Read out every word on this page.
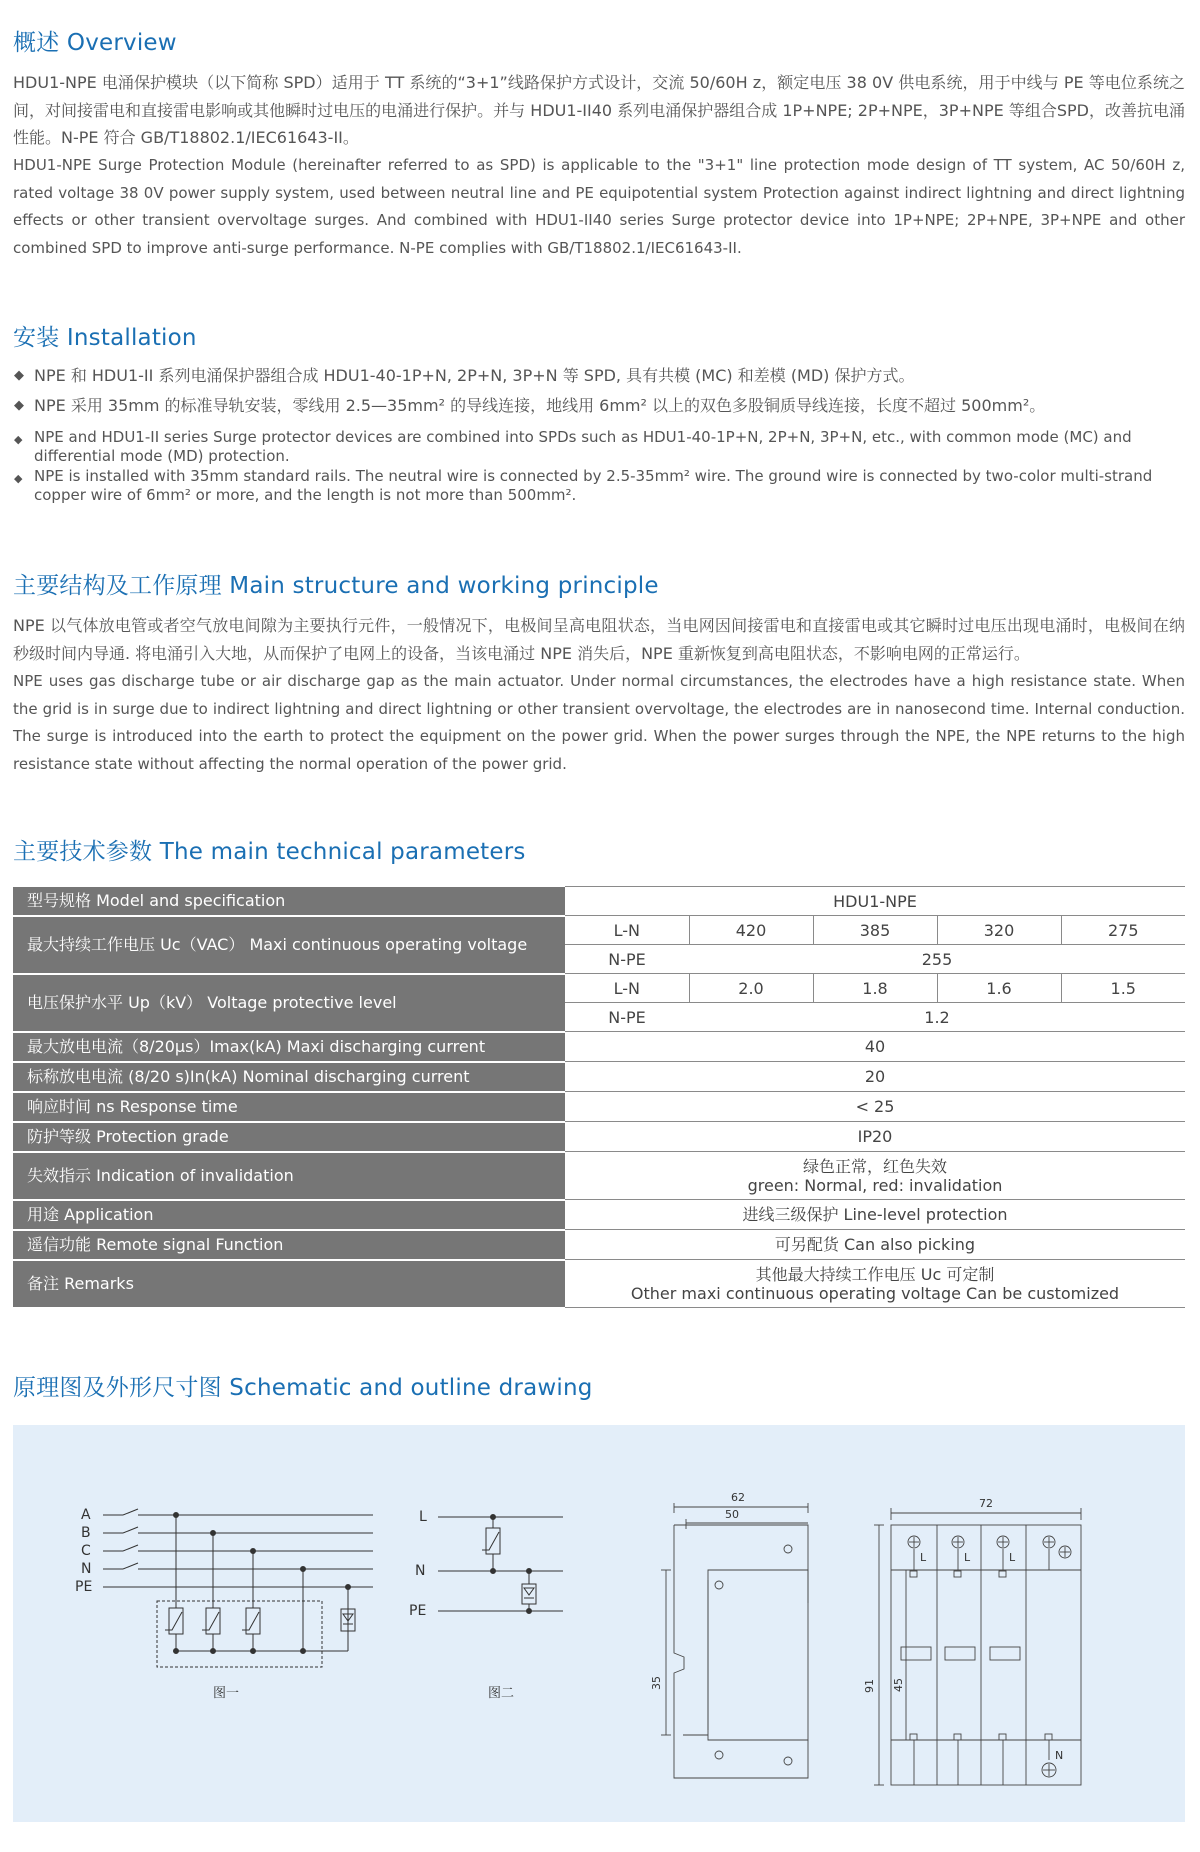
概述 Overview

HDU1-NPE 电涌保护模块（以下简称 SPD）适用于 TT 系统的“3+1”线路保护方式设计，交流 50/60H z，额定电压 38 0V 供电系统，用于中线与 PE 等电位系统之间，对间接雷电和直接雷电影响或其他瞬时过电压的电涌进行保护。并与 HDU1-II40 系列电涌保护器组合成 1P+NPE; 2P+NPE，3P+NPE 等组合SPD，改善抗电涌性能。N-PE 符合 GB/T18802.1/IEC61643-II。

HDU1-NPE Surge Protection Module (hereinafter referred to as SPD) is applicable to the "3+1" line protection mode design of TT system, AC 50/60H z, rated voltage 38 0V power supply system, used between neutral line and PE equipotential system Protection against indirect lightning and direct lightning effects or other transient overvoltage surges. And combined with HDU1-II40 series Surge protector device into 1P+NPE; 2P+NPE, 3P+NPE and other combined SPD to improve anti-surge performance. N-PE complies with GB/T18802.1/IEC61643-II.

安装 Installation
◆ NPE 和 HDU1-II 系列电涌保护器组合成 HDU1-40-1P+N, 2P+N, 3P+N 等 SPD, 具有共模 (MC) 和差模 (MD) 保护方式。
◆ NPE 采用 35mm 的标准导轨安装，零线用 2.5—35mm² 的导线连接，地线用 6mm² 以上的双色多股铜质导线连接，长度不超过 500mm²。
◆ NPE and HDU1-II series Surge protector devices are combined into SPDs such as HDU1-40-1P+N, 2P+N, 3P+N, etc., with common mode (MC) and differential mode (MD) protection.
◆ NPE is installed with 35mm standard rails. The neutral wire is connected by 2.5-35mm² wire. The ground wire is connected by two-color multi-strand copper wire of 6mm² or more, and the length is not more than 500mm².
主要结构及工作原理 Main structure and working principle

NPE 以气体放电管或者空气放电间隙为主要执行元件，一般情况下，电极间呈高电阻状态，当电网因间接雷电和直接雷电或其它瞬时过电压出现电涌时，电极间在纳秒级时间内导通. 将电涌引入大地，从而保护了电网上的设备，当该电涌过 NPE 消失后，NPE 重新恢复到高电阻状态，不影响电网的正常运行。

NPE uses gas discharge tube or air discharge gap as the main actuator. Under normal circumstances, the electrodes have a high resistance state. When the grid is in surge due to indirect lightning and direct lightning or other transient overvoltage, the electrodes are in nanosecond time. Internal conduction. The surge is introduced into the earth to protect the equipment on the power grid. When the power surges through the NPE, the NPE returns to the high resistance state without affecting the normal operation of the power grid.

主要技术参数 The main technical parameters
型号规格 Model and specification	HDU1-NPE				
最大持续工作电压 Uc（VAC） Maxi continuous operating voltage	L-N	420	385	320	275
	N-PE	255			
电压保护水平 Up（kV） Voltage protective level	L-N	2.0	1.8	1.6	1.5
	N-PE	1.2			
最大放电电流（8/20μs）Imax(kA) Maxi discharging current	40				
标称放电电流 (8/20 s)In(kA) Nominal discharging current	20				
响应时间 ns Response time	< 25				
防护等级 Protection grade	IP20				
失效指示 Indication of invalidation	绿色正常，红色失效
green: Normal, red: invalidation				

用途 Application	进线三级保护 Line-level protection				
遥信功能 Remote signal Function	可另配货 Can also picking				
备注 Remarks	其他最大持续工作电压 Uc 可定制
Other maxi continuous operating voltage Can be customized				
原理图及外形尺寸图 Schematic and outline drawing
A
B
C
N
PE
图一
L
N
PE
图二
62
50
35
72
91 45
L	L	L
N
